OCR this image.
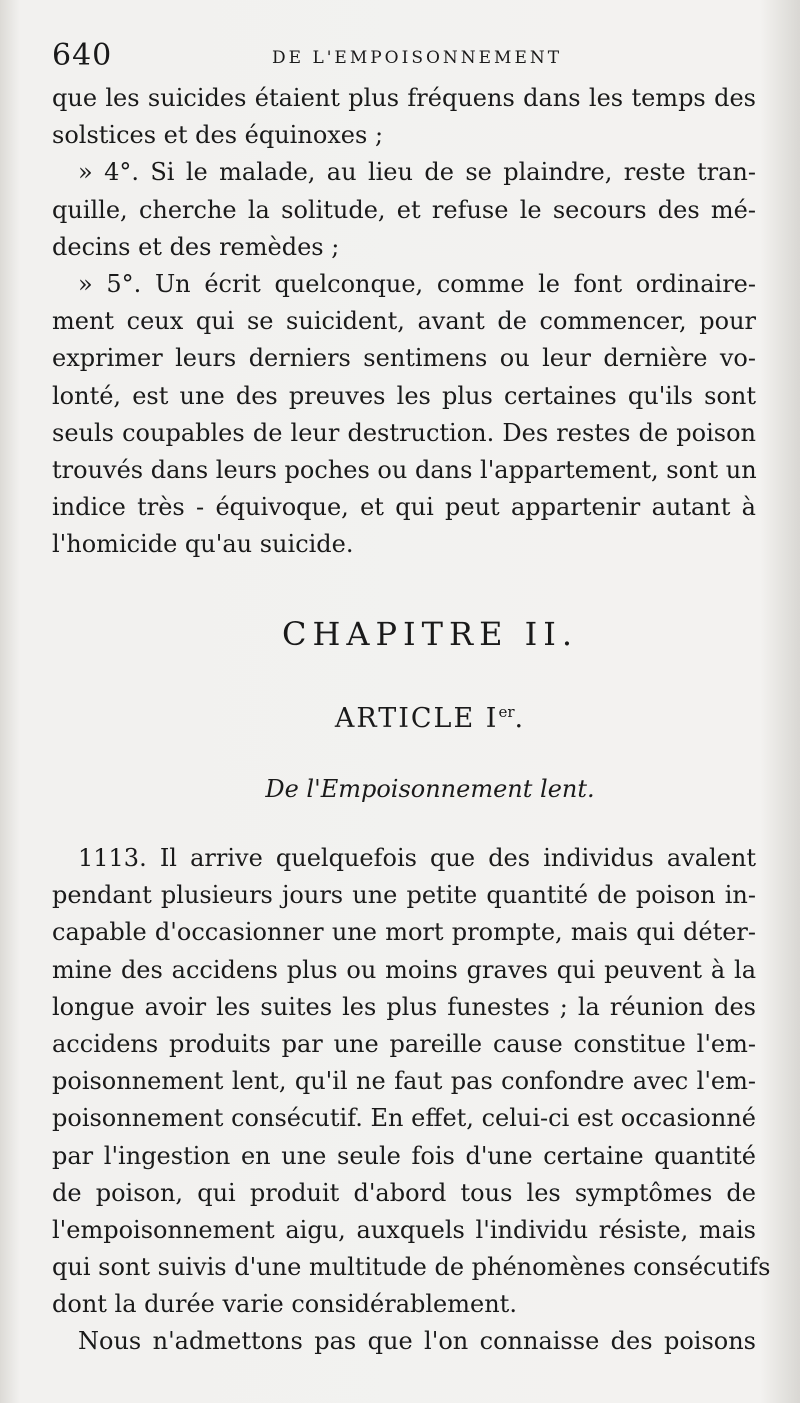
640	DE L'EMPOISONNEMENT
que les suicides étaient plus fréquens dans les temps des
solstices et des équinoxes ;
» 4°. Si le malade, au lieu de se plaindre, reste tran-
quille, cherche la solitude, et refuse le secours des mé-
decins et des remèdes ;
» 5°. Un écrit quelconque, comme le font ordinaire-
ment ceux qui se suicident, avant de commencer, pour
exprimer leurs derniers sentimens ou leur dernière vo-
lonté, est une des preuves les plus certaines qu'ils sont
seuls coupables de leur destruction. Des restes de poison
trouvés dans leurs poches ou dans l'appartement, sont un
indice très - équivoque, et qui peut appartenir autant à
l'homicide qu'au suicide.
CHAPITRE II.
ARTICLE Ier.
De l'Empoisonnement lent.
1113. Il arrive quelquefois que des individus avalent
pendant plusieurs jours une petite quantité de poison in-
capable d'occasionner une mort prompte, mais qui déter-
mine des accidens plus ou moins graves qui peuvent à la
longue avoir les suites les plus funestes ; la réunion des
accidens produits par une pareille cause constitue l'em-
poisonnement lent, qu'il ne faut pas confondre avec l'em-
poisonnement consécutif. En effet, celui-ci est occasionné
par l'ingestion en une seule fois d'une certaine quantité
de poison, qui produit d'abord tous les symptômes de
l'empoisonnement aigu, auxquels l'individu résiste, mais
qui sont suivis d'une multitude de phénomènes consécutifs
dont la durée varie considérablement.
Nous n'admettons pas que l'on connaisse des poisons
